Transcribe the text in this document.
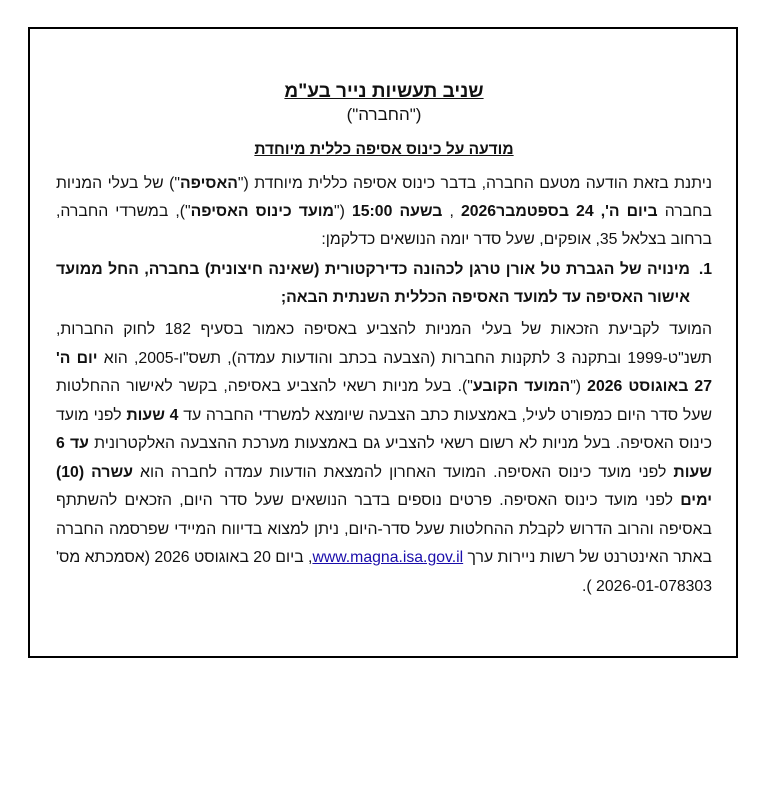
שניב תעשיות נייר בע"מ

("החברה")

מודעה על כינוס אסיפה כללית מיוחדת

ניתנת בזאת הודעה מטעם החברה, בדבר כינוס אסיפה כללית מיוחדת ("האסיפה") של בעלי המניות בחברה ביום ה', 24 בספטמבר2026 , בשעה 15:00 ("מועד כינוס האסיפה"), במשרדי החברה, ברחוב בצלאל 35, אופקים, שעל סדר יומה הנושאים כדלקמן:

1.
מינויה של הגברת טל אורן טרגן לכהונה כדירקטורית (שאינה חיצונית) בחברה, החל ממועד אישור האסיפה עד למועד האסיפה הכללית השנתית הבאה;

המועד לקביעת הזכאות של בעלי המניות להצביע באסיפה כאמור בסעיף 182 לחוק החברות, תשנ"ט-1999 ובתקנה 3 לתקנות החברות (הצבעה בכתב והודעות עמדה), תשס"ו-2005, הוא יום ה' 27 באוגוסט 2026 ("המועד הקובע"). בעל מניות רשאי להצביע באסיפה, בקשר לאישור ההחלטות שעל סדר היום כמפורט לעיל, באמצעות כתב הצבעה שיומצא למשרדי החברה עד 4 שעות לפני מועד כינוס האסיפה. בעל מניות לא רשום רשאי להצביע גם באמצעות מערכת ההצבעה האלקטרונית עד 6 שעות לפני מועד כינוס האסיפה. המועד האחרון להמצאת הודעות עמדה לחברה הוא עשרה (10) ימים לפני מועד כינוס האסיפה. פרטים נוספים בדבר הנושאים שעל סדר היום, הזכאים להשתתף באסיפה והרוב הדרוש לקבלת ההחלטות שעל סדר-היום, ניתן למצוא בדיווח המיידי שפרסמה החברה באתר האינטרנט של רשות ניירות ערך www.magna.isa.gov.il, ביום 20 באוגוסט 2026 (אסמכתא מס' 2026-01-078303 ).
